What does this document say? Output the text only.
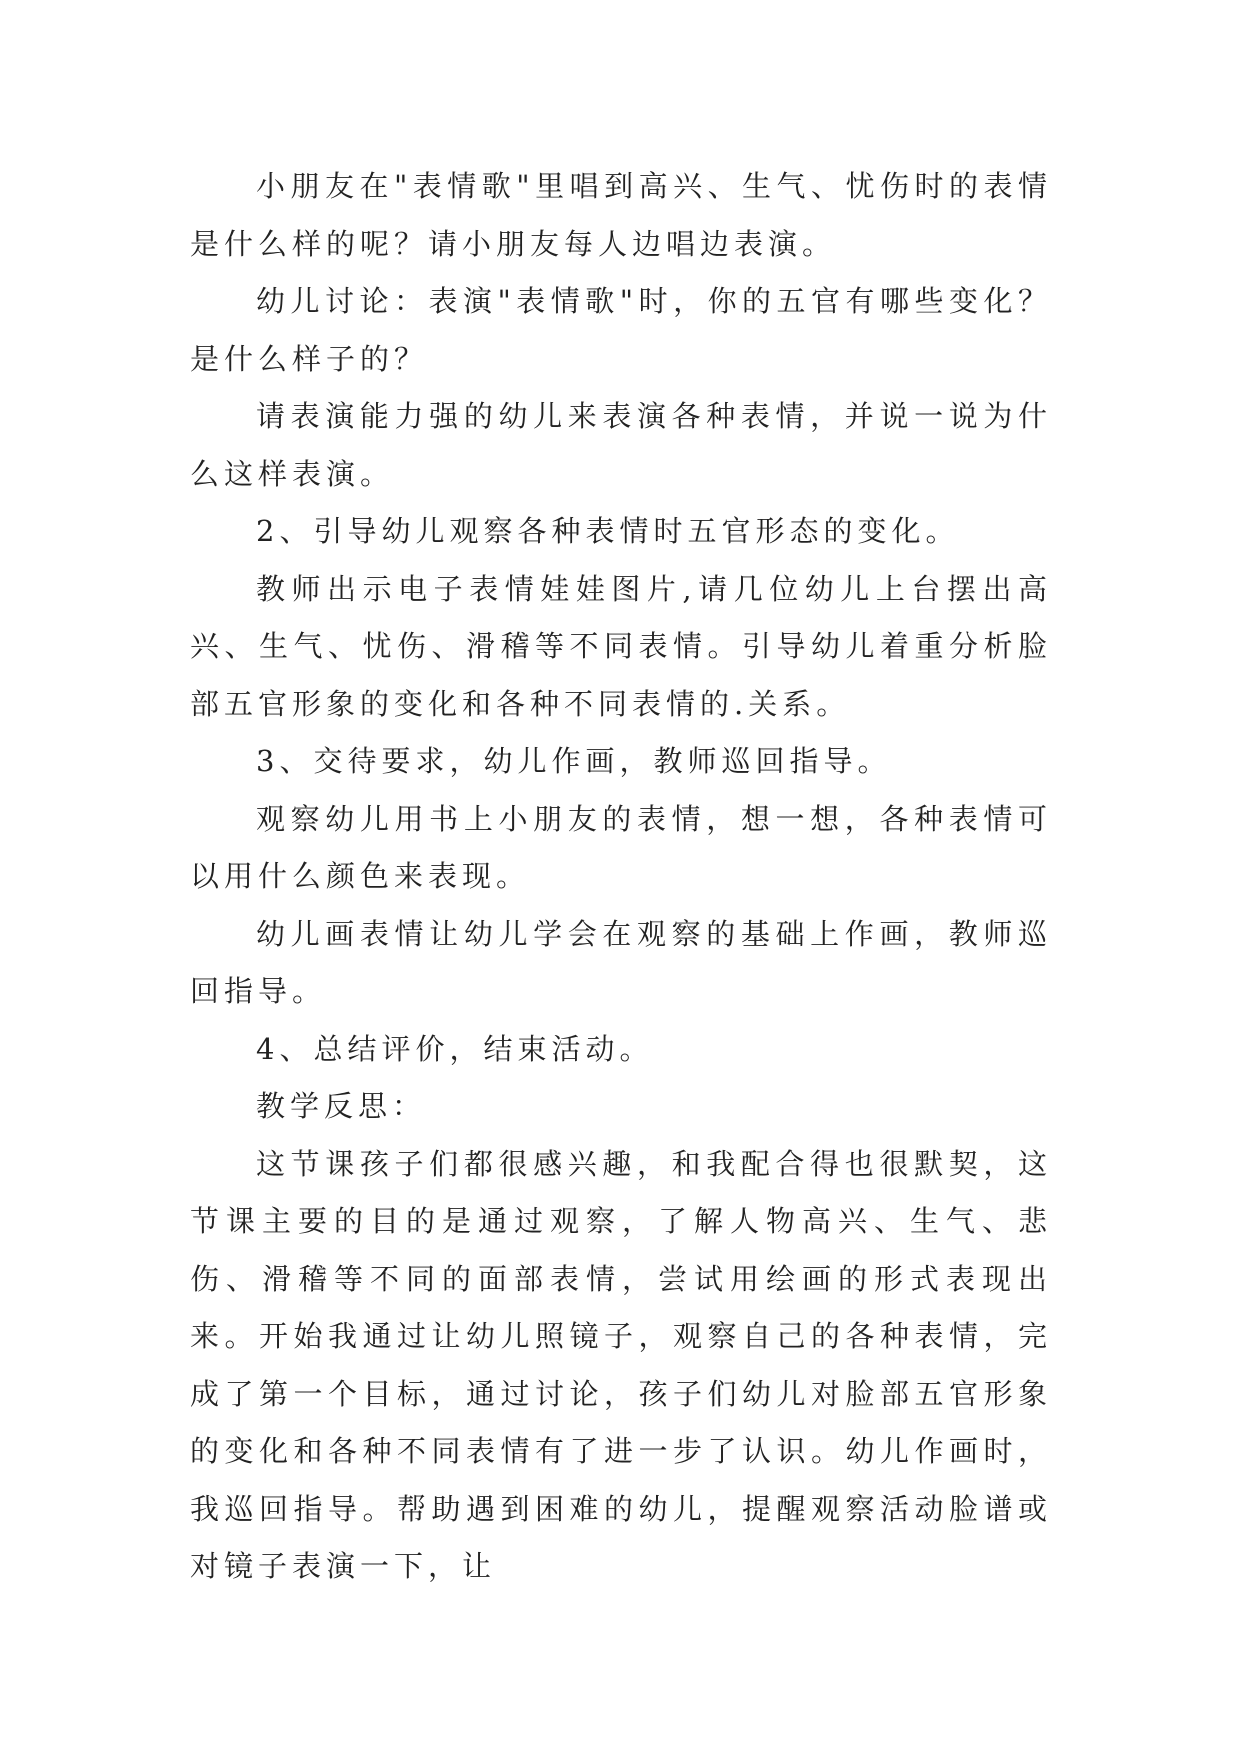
小朋友在"表情歌"里唱到高兴、生气、忧伤时的表情是什么样的呢？请小朋友每人边唱边表演。

幼儿讨论：表演"表情歌"时，你的五官有哪些变化？是什么样子的？

请表演能力强的幼儿来表演各种表情，并说一说为什么这样表演。

2、引导幼儿观察各种表情时五官形态的变化。

教师出示电子表情娃娃图片,请几位幼儿上台摆出高兴、生气、忧伤、滑稽等不同表情。引导幼儿着重分析脸部五官形象的变化和各种不同表情的.关系。

3、交待要求，幼儿作画，教师巡回指导。

观察幼儿用书上小朋友的表情，想一想，各种表情可以用什么颜色来表现。

幼儿画表情让幼儿学会在观察的基础上作画，教师巡回指导。

4、总结评价，结束活动。

教学反思：

这节课孩子们都很感兴趣，和我配合得也很默契，这节课主要的目的是通过观察，了解人物高兴、生气、悲伤、滑稽等不同的面部表情，尝试用绘画的形式表现出来。开始我通过让幼儿照镜子，观察自己的各种表情，完成了第一个目标，通过讨论，孩子们幼儿对脸部五官形象的变化和各种不同表情有了进一步了认识。幼儿作画时，我巡回指导。帮助遇到困难的幼儿，提醒观察活动脸谱或对镜子表演一下，让
